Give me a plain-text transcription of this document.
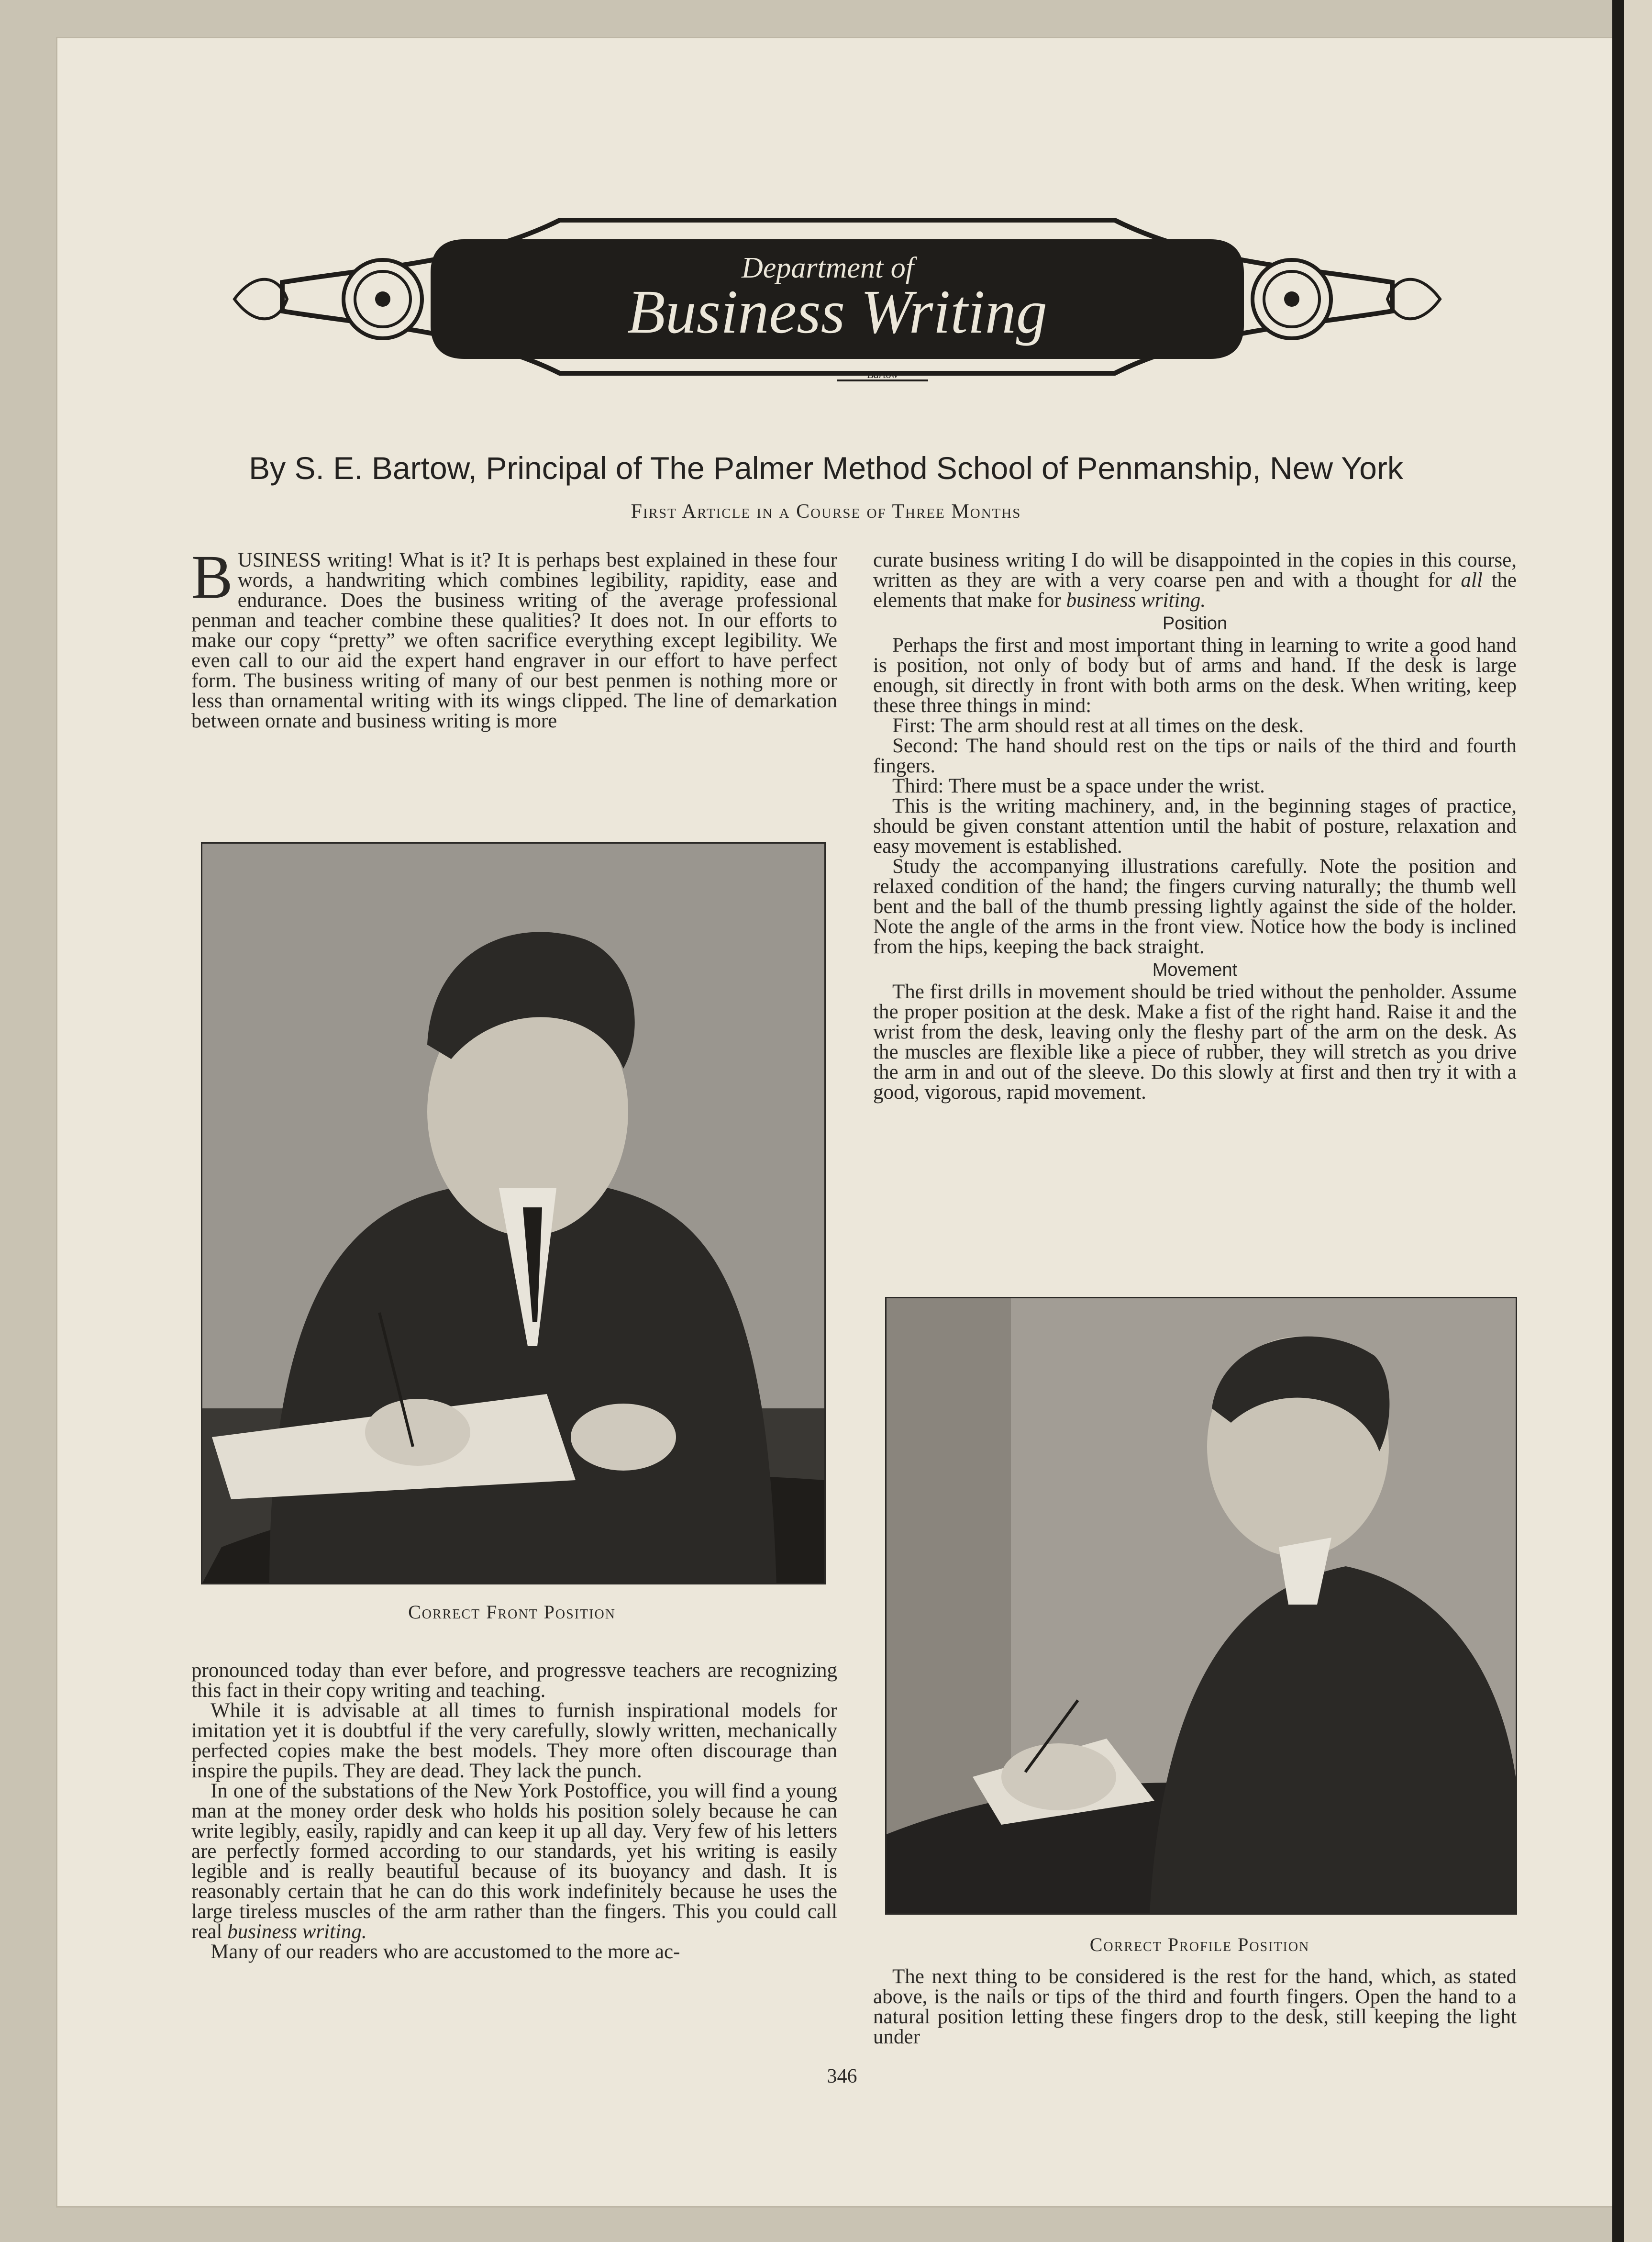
Department of
Business Writing
Bartow
By S. E. Bartow, Principal of The Palmer Method School of Penmanship, New York
First Article in a Course of Three Months

BUSINESS writing! What is it? It is perhaps best explained in these four words, a handwriting which combines legibility, rapidity, ease and endurance. Does the business writing of the average professional penman and teacher combine these qualities? It does not. In our efforts to make our copy “pretty” we often sacrifice everything except legibility. We even call to our aid the expert hand engraver in our effort to have perfect form. The business writing of many of our best penmen is nothing more or less than ornamental writing with its wings clipped. The line of demarkation between ornate and business writing is more

Correct Front Position

pronounced today than ever before, and progressve teachers are recognizing this fact in their copy writing and teaching.

While it is advisable at all times to furnish inspirational models for imitation yet it is doubtful if the very carefully, slowly written, mechanically perfected copies make the best models. They more often discourage than inspire the pupils. They are dead. They lack the punch.

In one of the substations of the New York Postoffice, you will find a young man at the money order desk who holds his position solely because he can write legibly, easily, rapidly and can keep it up all day. Very few of his letters are perfectly formed according to our standards, yet his writing is easily legible and is really beautiful because of its buoyancy and dash. It is reasonably certain that he can do this work indefinitely because he uses the large tireless muscles of the arm rather than the fingers. This you could call real business writing.

Many of our readers who are accustomed to the more ac-

curate business writing I do will be disappointed in the copies in this course, written as they are with a very coarse pen and with a thought for all the elements that make for business writing.

Position

Perhaps the first and most important thing in learning to write a good hand is position, not only of body but of arms and hand. If the desk is large enough, sit directly in front with both arms on the desk. When writing, keep these three things in mind:

First: The arm should rest at all times on the desk.

Second: The hand should rest on the tips or nails of the third and fourth fingers.

Third: There must be a space under the wrist.

This is the writing machinery, and, in the beginning stages of practice, should be given constant attention until the habit of posture, relaxation and easy movement is established.

Study the accompanying illustrations carefully. Note the position and relaxed condition of the hand; the fingers curving naturally; the thumb well bent and the ball of the thumb pressing lightly against the side of the holder. Note the angle of the arms in the front view. Notice how the body is inclined from the hips, keeping the back straight.

Movement

The first drills in movement should be tried without the penholder. Assume the proper position at the desk. Make a fist of the right hand. Raise it and the wrist from the desk, leaving only the fleshy part of the arm on the desk. As the muscles are flexible like a piece of rubber, they will stretch as you drive the arm in and out of the sleeve. Do this slowly at first and then try it with a good, vigorous, rapid movement.

Correct Profile Position

The next thing to be considered is the rest for the hand, which, as stated above, is the nails or tips of the third and fourth fingers. Open the hand to a natural position letting these fingers drop to the desk, still keeping the light under

346
